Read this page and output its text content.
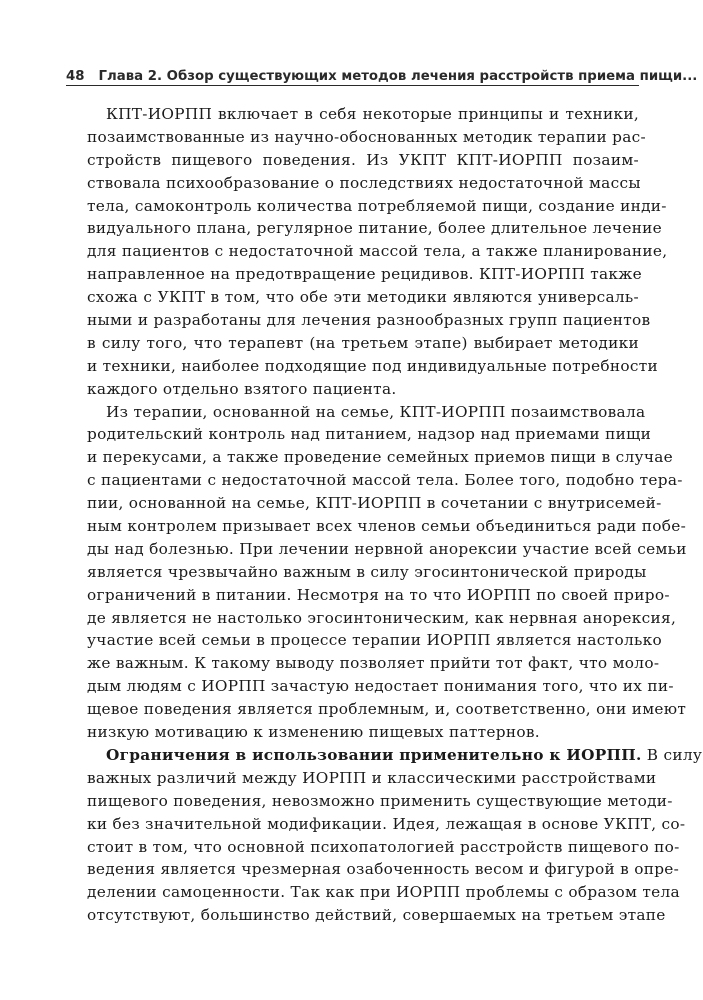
48 Глава 2. Обзор существующих методов лечения расстройств приема пищи...
КПТ-ИОРПП включает в себя некоторые принципы и техники,
позаимствованные из научно-обоснованных методик терапии рас-
стройств пищевого поведения. Из УКПТ КПТ-ИОРПП позаим-
ствовала психообразование о последствиях недостаточной массы
тела, самоконтроль количества потребляемой пищи, создание инди-
видуального плана, регулярное питание, более длительное лечение
для пациентов с недостаточной массой тела, а также планирование,
направленное на предотвращение рецидивов. КПТ-ИОРПП также
схожа с УКПТ в том, что обе эти методики являются универсаль-
ными и разработаны для лечения разнообразных групп пациентов
в силу того, что терапевт (на третьем этапе) выбирает методики
и техники, наиболее подходящие под индивидуальные потребности
каждого отдельно взятого пациента.
Из терапии, основанной на семье, КПТ-ИОРПП позаимствовала
родительский контроль над питанием, надзор над приемами пищи
и перекусами, а также проведение семейных приемов пищи в случае
с пациентами с недостаточной массой тела. Более того, подобно тера-
пии, основанной на семье, КПТ-ИОРПП в сочетании с внутрисемей-
ным контролем призывает всех членов семьи объединиться ради побе-
ды над болезнью. При лечении нервной анорексии участие всей семьи
является чрезвычайно важным в силу эгосинтонической природы
ограничений в питании. Несмотря на то что ИОРПП по своей приро-
де является не настолько эгосинтоническим, как нервная анорексия,
участие всей семьи в процессе терапии ИОРПП является настолько
же важным. К такому выводу позволяет прийти тот факт, что моло-
дым людям с ИОРПП зачастую недостает понимания того, что их пи-
щевое поведения является проблемным, и, соответственно, они имеют
низкую мотивацию к изменению пищевых паттернов.
Ограничения в использовании применительно к ИОРПП. В силу
важных различий между ИОРПП и классическими расстройствами
пищевого поведения, невозможно применить существующие методи-
ки без значительной модификации. Идея, лежащая в основе УКПТ, со-
стоит в том, что основной психопатологией расстройств пищевого по-
ведения является чрезмерная озабоченность весом и фигурой в опре-
делении самоценности. Так как при ИОРПП проблемы с образом тела
отсутствуют, большинство действий, совершаемых на третьем этапе
